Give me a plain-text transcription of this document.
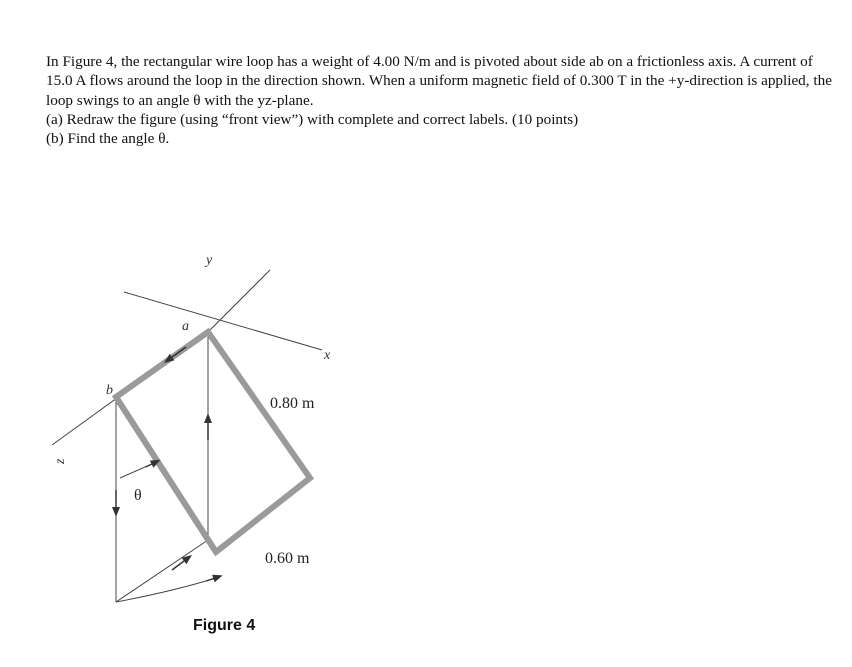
In Figure 4, the rectangular wire loop has a weight of 4.00 N/m and is pivoted about side ab on a frictionless axis. A current of 15.0 A flows around the loop in the direction shown. When a uniform magnetic field of 0.300 T in the +y-direction is applied, the loop swings to an angle θ with the yz-plane.

(a) Redraw the figure (using “front view”) with complete and correct labels. (10 points)

(b) Find the angle θ.

y
x
z
a
b
θ
0.80 m
0.60 m
Figure 4
